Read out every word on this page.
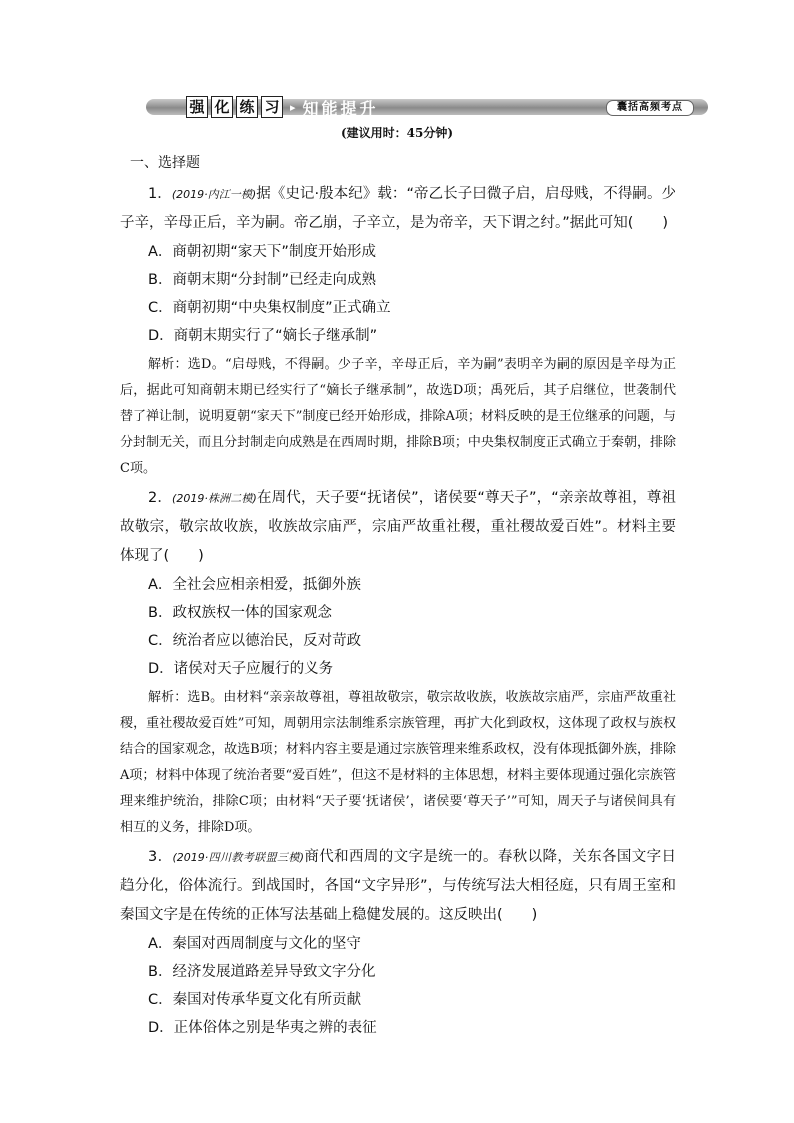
强 化 练 习 ▸ 知能提升	囊括高频考点
(建议用时：45分钟)
一、选择题

1．(2019·内江一模)据《史记·殷本纪》载：“帝乙长子曰微子启，启母贱，不得嗣。少子辛，辛母正后，辛为嗣。帝乙崩，子辛立，是为帝辛，天下谓之纣。”据此可知(　　)

A．商朝初期“家天下”制度开始形成
B．商朝末期“分封制”已经走向成熟
C．商朝初期“中央集权制度”正式确立
D．商朝末期实行了“嫡长子继承制”

解析：选D。“启母贱，不得嗣。少子辛，辛母正后，辛为嗣”表明辛为嗣的原因是辛母为正后，据此可知商朝末期已经实行了“嫡长子继承制”，故选D项；禹死后，其子启继位，世袭制代替了禅让制，说明夏朝“家天下”制度已经开始形成，排除A项；材料反映的是王位继承的问题，与分封制无关，而且分封制走向成熟是在西周时期，排除B项；中央集权制度正式确立于秦朝，排除C项。

2．(2019·株洲二模)在周代，天子要“抚诸侯”，诸侯要“尊天子”，“亲亲故尊祖，尊祖故敬宗，敬宗故收族，收族故宗庙严，宗庙严故重社稷，重社稷故爱百姓”。材料主要体现了(　　)

A．全社会应相亲相爱，抵御外族
B．政权族权一体的国家观念
C．统治者应以德治民，反对苛政
D．诸侯对天子应履行的义务

解析：选B。由材料“亲亲故尊祖，尊祖故敬宗，敬宗故收族，收族故宗庙严，宗庙严故重社稷，重社稷故爱百姓”可知，周朝用宗法制维系宗族管理，再扩大化到政权，这体现了政权与族权结合的国家观念，故选B项；材料内容主要是通过宗族管理来维系政权，没有体现抵御外族，排除A项；材料中体现了统治者要“爱百姓”，但这不是材料的主体思想，材料主要体现通过强化宗族管理来维护统治，排除C项；由材料“天子要‘抚诸侯’，诸侯要‘尊天子’”可知，周天子与诸侯间具有相互的义务，排除D项。

3．(2019·四川教考联盟三模)商代和西周的文字是统一的。春秋以降，关东各国文字日趋分化，俗体流行。到战国时，各国“文字异形”，与传统写法大相径庭，只有周王室和秦国文字是在传统的正体写法基础上稳健发展的。这反映出(　　)

A．秦国对西周制度与文化的坚守
B．经济发展道路差异导致文字分化
C．秦国对传承华夏文化有所贡献
D．正体俗体之别是华夷之辨的表征
